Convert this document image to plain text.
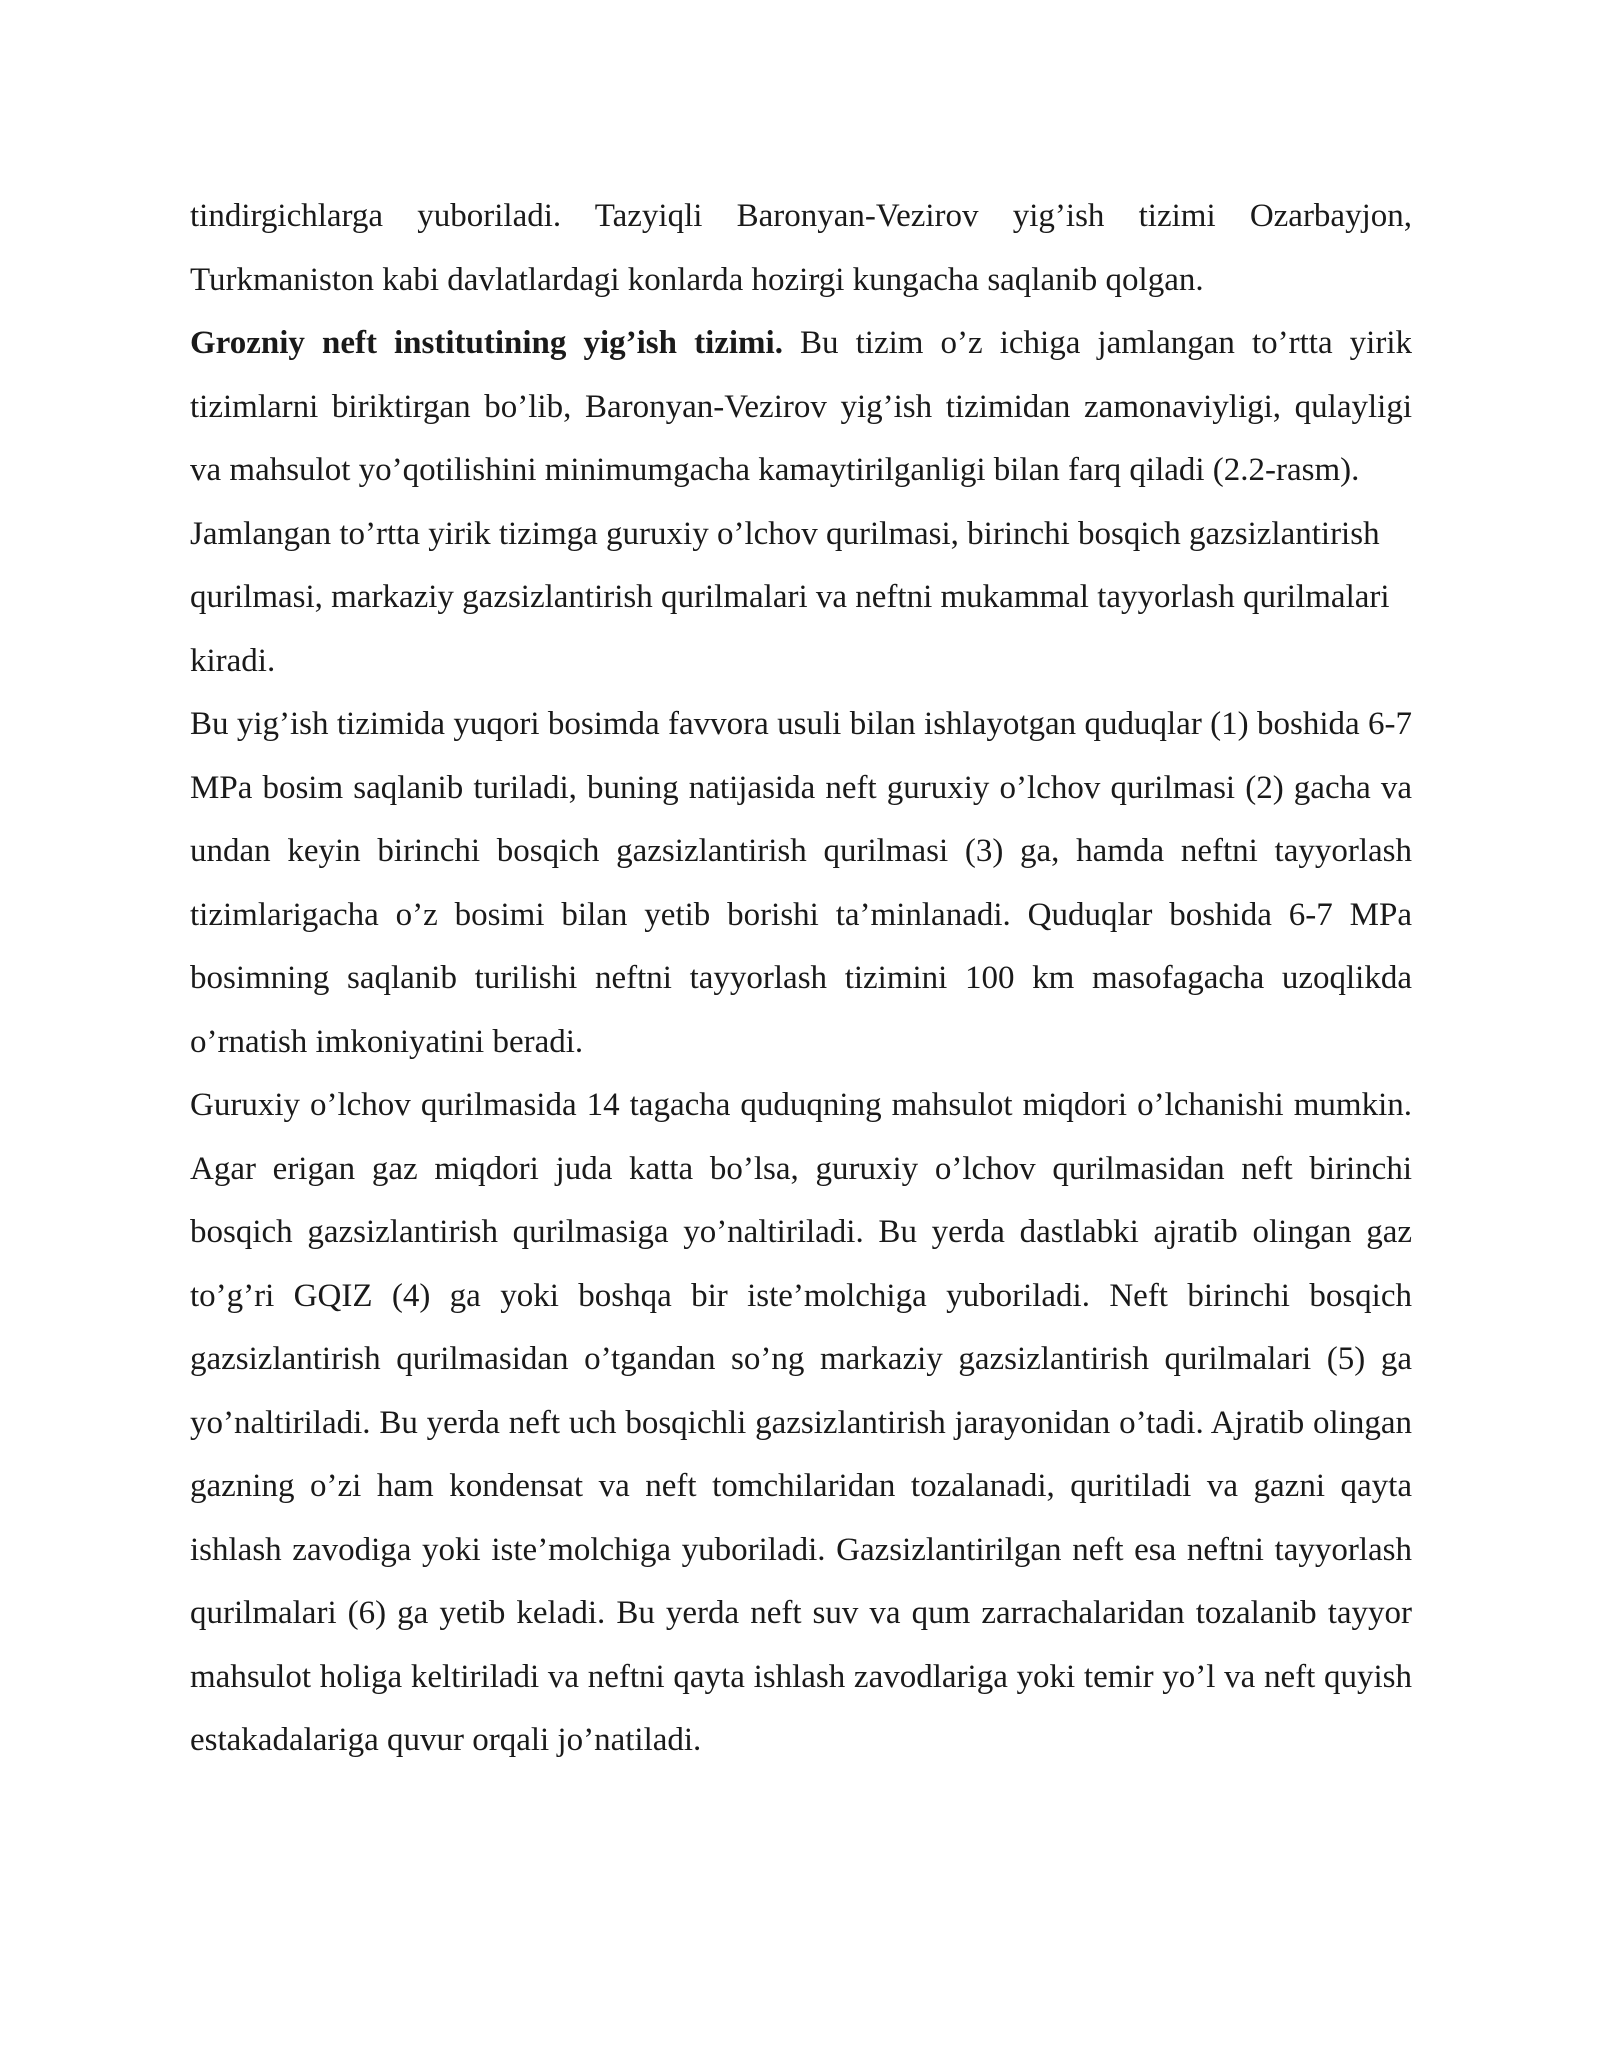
tindirgichlarga yuboriladi. Tazyiqli Baronyan-Vezirov yig’ish tizimi Ozarbayjon, Turkmaniston kabi davlatlardagi konlarda hozirgi kungacha saqlanib qolgan.

Grozniy neft institutining yig’ish tizimi. Bu tizim o’z ichiga jamlangan to’rtta yirik tizimlarni biriktirgan bo’lib, Baronyan-Vezirov yig’ish tizimidan zamonaviyligi, qulayligi va mahsulot yo’qotilishini minimumgacha kamaytirilganligi bilan farq qiladi (2.2-rasm).

Jamlangan to’rtta yirik tizimga guruxiy o’lchov qurilmasi, birinchi bosqich gazsizlantirish qurilmasi, markaziy gazsizlantirish qurilmalari va neftni mukammal tayyorlash qurilmalari kiradi.

Bu yig’ish tizimida yuqori bosimda favvora usuli bilan ishlayotgan quduqlar (1) boshida 6-7 MPa bosim saqlanib turiladi, buning natijasida neft guruxiy o’lchov qurilmasi (2) gacha va undan keyin birinchi bosqich gazsizlantirish qurilmasi (3) ga, hamda neftni tayyorlash tizimlarigacha o’z bosimi bilan yetib borishi ta’minlanadi. Quduqlar boshida 6-7 MPa bosimning saqlanib turilishi neftni tayyorlash tizimini 100 km masofagacha uzoqlikda o’rnatish imkoniyatini beradi.

Guruxiy o’lchov qurilmasida 14 tagacha quduqning mahsulot miqdori o’lchanishi mumkin. Agar erigan gaz miqdori juda katta bo’lsa, guruxiy o’lchov qurilmasidan neft birinchi bosqich gazsizlantirish qurilmasiga yo’naltiriladi. Bu yerda dastlabki ajratib olingan gaz to’g’ri GQIZ (4) ga yoki boshqa bir iste’molchiga yuboriladi. Neft birinchi bosqich gazsizlantirish qurilmasidan o’tgandan so’ng markaziy gazsizlantirish qurilmalari (5) ga yo’naltiriladi. Bu yerda neft uch bosqichli gazsizlantirish jarayonidan o’tadi. Ajratib olingan gazning o’zi ham kondensat va neft tomchilaridan tozalanadi, quritiladi va gazni qayta ishlash zavodiga yoki iste’molchiga yuboriladi. Gazsizlantirilgan neft esa neftni tayyorlash qurilmalari (6) ga yetib keladi. Bu yerda neft suv va qum zarrachalaridan tozalanib tayyor mahsulot holiga keltiriladi va neftni qayta ishlash zavodlariga yoki temir yo’l va neft quyish estakadalariga quvur orqali jo’natiladi.
